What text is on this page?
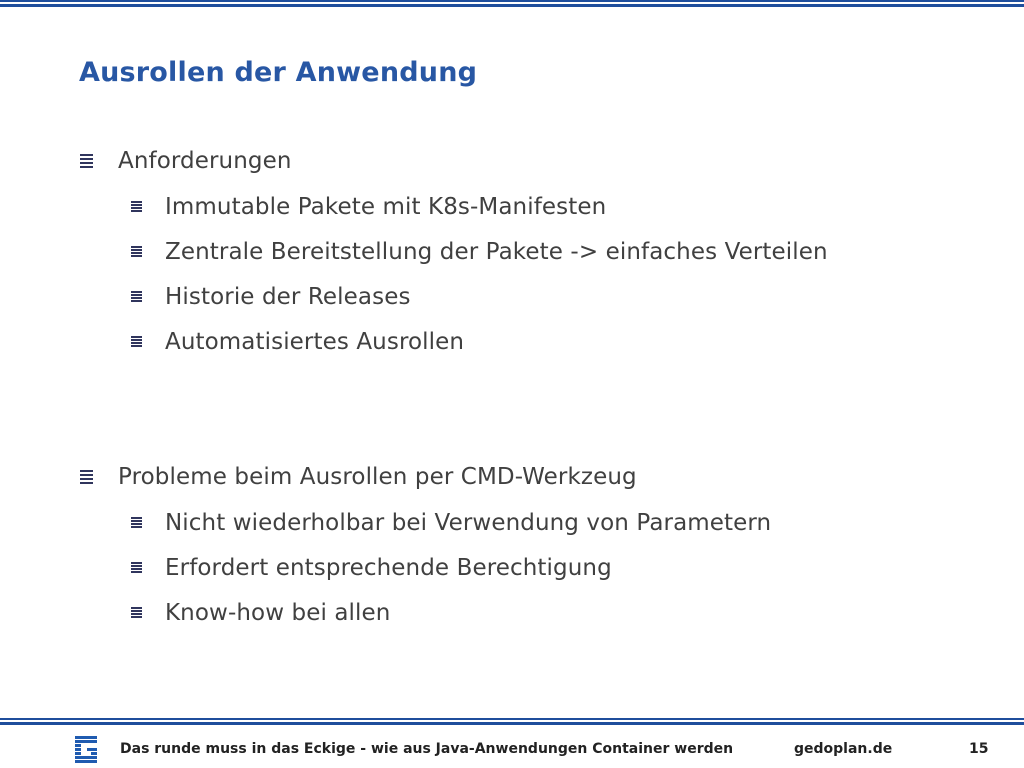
Ausrollen der Anwendung
Anforderungen
Immutable Pakete mit K8s-Manifesten
Zentrale Bereitstellung der Pakete -> einfaches Verteilen
Historie der Releases
Automatisiertes Ausrollen
Probleme beim Ausrollen per CMD-Werkzeug
Nicht wiederholbar bei Verwendung von Parametern
Erfordert entsprechende Berechtigung
Know-how bei allen
Das runde muss in das Eckige - wie aus Java-Anwendungen Container werden	gedoplan.de	15
